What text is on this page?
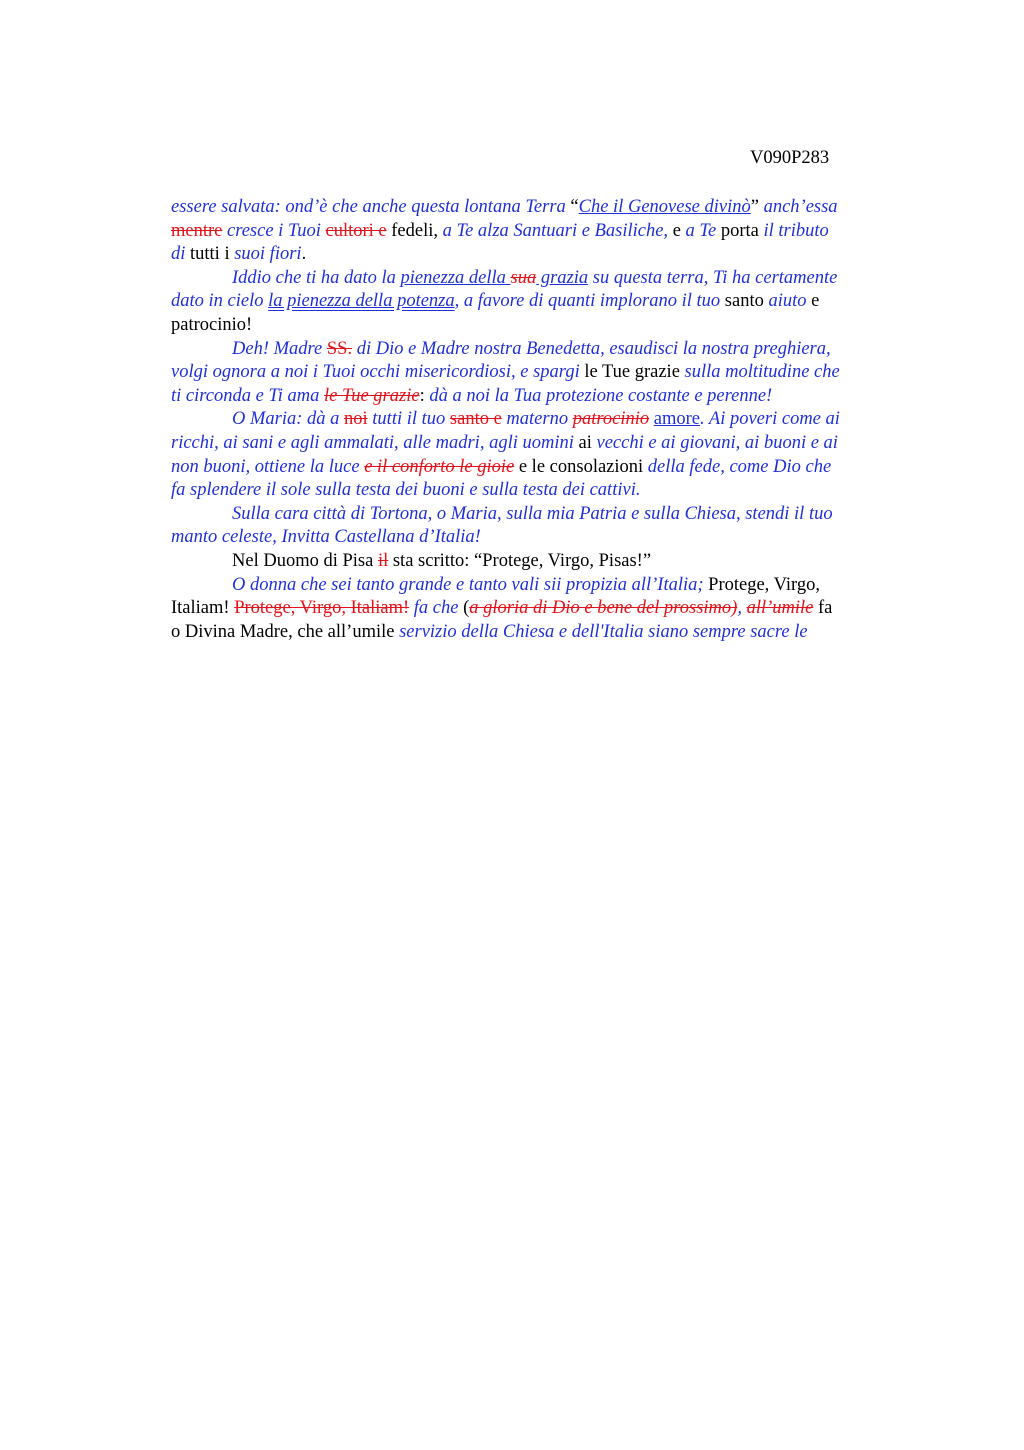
V090P283
essere salvata: ond’è che anche questa lontana Terra “Che il Genovese divinò” anch’essa
mentre cresce i Tuoi cultori e fedeli, a Te alza Santuari e Basiliche, e a Te porta il tributo
di tutti i suoi fiori.
Iddio che ti ha dato la pienezza della sua grazia su questa terra, Ti ha certamente
dato in cielo la pienezza della potenza, a favore di quanti implorano il tuo santo aiuto e
patrocinio!
Deh! Madre SS. di Dio e Madre nostra Benedetta, esaudisci la nostra preghiera,
volgi ognora a noi i Tuoi occhi misericordiosi, e spargi le Tue grazie sulla moltitudine che
ti circonda e Ti ama le Tue grazie: dà a noi la Tua protezione costante e perenne!
O Maria: dà a noi tutti il tuo santo e materno patrocinio amore. Ai poveri come ai
ricchi, ai sani e agli ammalati, alle madri, agli uomini ai vecchi e ai giovani, ai buoni e ai
non buoni, ottiene la luce e il conforto le gioie e le consolazioni della fede, come Dio che
fa splendere il sole sulla testa dei buoni e sulla testa dei cattivi.
Sulla cara città di Tortona, o Maria, sulla mia Patria e sulla Chiesa, stendi il tuo
manto celeste, Invitta Castellana d’Italia!
Nel Duomo di Pisa il sta scritto: “Protege, Virgo, Pisas!”
O donna che sei tanto grande e tanto vali sii propizia all’Italia; Protege, Virgo,
Italiam! Protege, Virgo, Italiam! fa che (a gloria di Dio e bene del prossimo), all’umile fa
o Divina Madre, che all’umile servizio della Chiesa e dell'Italia siano sempre sacre le
